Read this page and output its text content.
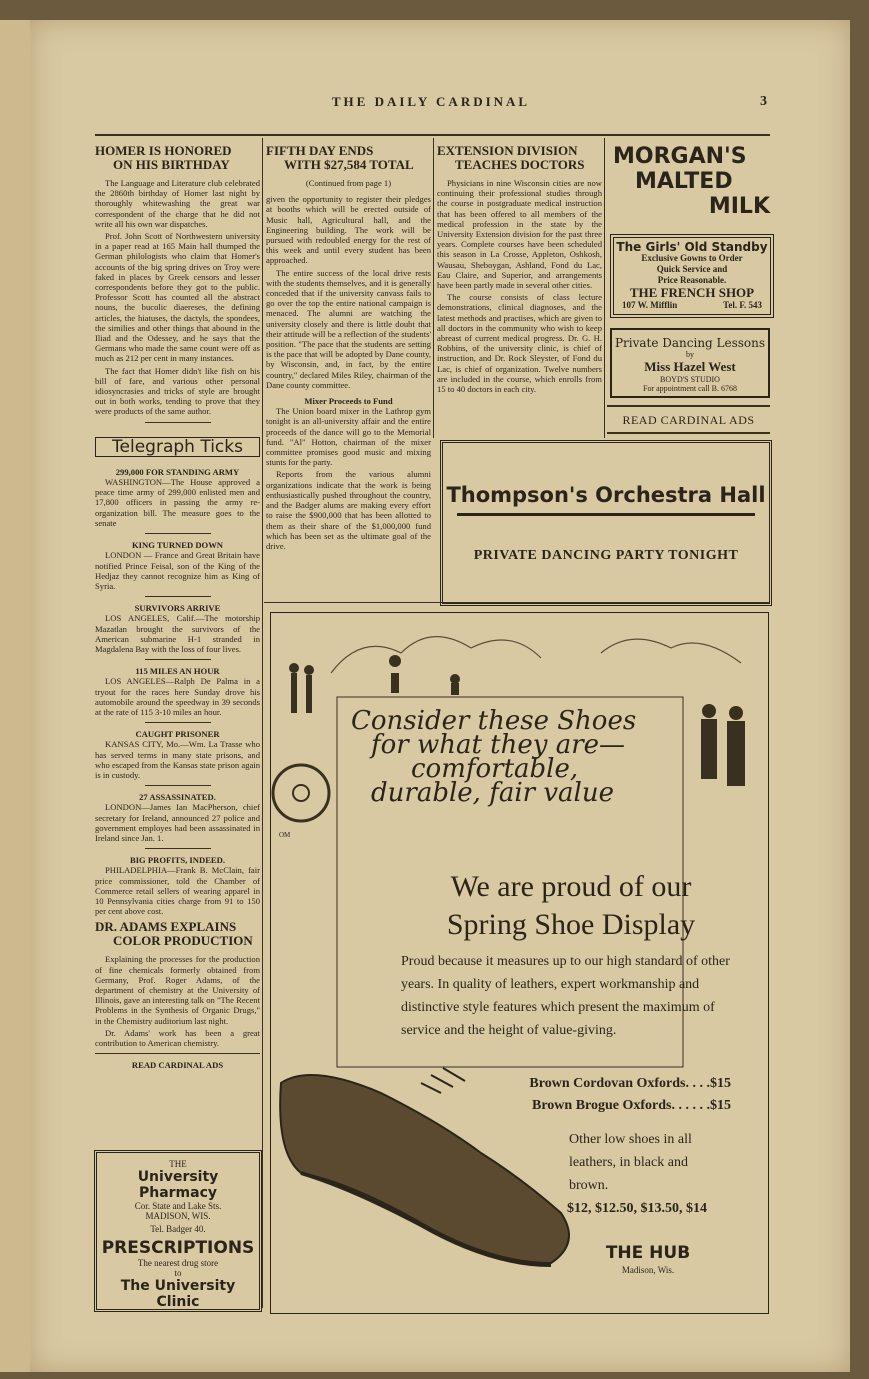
THE DAILY CARDINAL	3
HOMER IS HONORED
ON HIS BIRTHDAY

The Language and Literature club celebrated the 2860th birthday of Homer last night by thoroughly whitewashing the great war correspondent of the charge that he did not write all his own war dispatches.

Prof. John Scott of Northwestern university in a paper read at 165 Main hall thumped the German philologists who claim that Homer's accounts of the big spring drives on Troy were faked in places by Greek censors and lesser correspondents before they got to the public. Professor Scott has counted all the abstract nouns, the bucolic diaereses, the defining articles, the hiatuses, the dactyls, the spondees, the similies and other things that abound in the Iliad and the Odessey, and he says that the Germans who made the same count were off as much as 212 per cent in many instances.

The fact that Homer didn't like fish on his bill of fare, and various other personal idiosyncrasies and tricks of style are brought out in both works, tending to prove that they were products of the same author.

Telegraph Ticks
299,000 FOR STANDING ARMY

WASHINGTON—The House approved a peace time army of 299,000 enlisted men and 17,800 officers in passing the army re-organization bill. The measure goes to the senate

KING TURNED DOWN

LONDON — France and Great Britain have notified Prince Feisal, son of the King of the Hedjaz they cannot recognize him as King of Syria.

SURVIVORS ARRIVE

LOS ANGELES, Calif.—The motorship Mazatlan brought the survivors of the American submarine H-1 stranded in Magdalena Bay with the loss of four lives.

115 MILES AN HOUR

LOS ANGELES—Ralph De Palma in a tryout for the races here Sunday drove his automobile around the speedway in 39 seconds at the rate of 115 3-10 miles an hour.

CAUGHT PRISONER

KANSAS CITY, Mo.—Wm. La Trasse who has served terms in many state prisons, and who escaped from the Kansas state prison again is in custody.

27 ASSASSINATED.

LONDON—James Ian MacPherson, chief secretary for Ireland, announced 27 police and government employes had been assassinated in Ireland since Jan. 1.

BIG PROFITS, INDEED.

PHILADELPHIA—Frank B. McClain, fair price commissioner, told the Chamber of Commerce retail sellers of wearing apparel in 10 Pennsylvania cities charge from 91 to 150 per cent above cost.

DR. ADAMS EXPLAINS
COLOR PRODUCTION

Explaining the processes for the production of fine chemicals formerly obtained from Germany, Prof. Roger Adams, of the department of chemistry at the University of Illinois, gave an interesting talk on "The Recent Problems in the Synthesis of Organic Drugs," in the Chemistry auditorium last night.

Dr. Adams' work has been a great contribution to American chemistry.

READ CARDINAL ADS
FIFTH DAY ENDS
WITH $27,584 TOTAL
(Continued from page 1)

given the opportunity to register their pledges at booths which will be erected outside of Music hall, Agricultural hall, and the Engineering building. The work will be pursued with redoubled energy for the rest of this week and until every student has been approached.

The entire success of the local drive rests with the students themselves, and it is generally conceded that if the university canvass fails to go over the top the entire national campaign is menaced. The alumni are watching the university closely and there is little doubt that their attitude will be a reflection of the students' position. "The pace that the students are setting is the pace that will be adopted by Dane county, by Wisconsin, and, in fact, by the entire country," declared Miles Riley, chairman of the Dane county committee.

Mixer Proceeds to Fund

The Union board mixer in the Lathrop gym tonight is an all-university affair and the entire proceeds of the dance will go to the Memorial fund. "Al" Hotton, chairman of the mixer committee promises good music and mixing stunts for the party.

Reports from the various alumni organizations indicate that the work is being enthusiastically pushed throughout the country, and the Badger alums are making every effort to raise the $900,000 that has been allotted to them as their share of the $1,000,000 fund which has been set as the ultimate goal of the drive.

EXTENSION DIVISION
TEACHES DOCTORS

Physicians in nine Wisconsin cities are now continuing their professional studies through the course in postgraduate medical instruction that has been offered to all members of the medical profession in the state by the University Extension division for the past three years. Complete courses have been scheduled this season in La Crosse, Appleton, Oshkosh, Wausau, Sheboygan, Ashland, Fond du Lac, Eau Claire, and Superior, and arrangements have been partly made in several other cities.

The course consists of class lecture demonstrations, clinical diagnoses, and the latest methods and practises, which are given to all doctors in the community who wish to keep abreast of current medical progress. Dr. G. H. Robbins, of the university clinic, is chief of instruction, and Dr. Rock Sleyster, of Fond du Lac, is chief of organization. Twelve numbers are included in the course, which enrolls from 15 to 40 doctors in each city.

MORGAN'S
MALTED
MILK
The Girls' Old Standby
Exclusive Gowns to Order
Quick Service and
Price Reasonable.
THE FRENCH SHOP
107 W. Mifflin	Tel. F. 543
Private Dancing Lessons
by
Miss Hazel West
BOYD'S STUDIO
For appointment call B. 6768
READ CARDINAL ADS
Thompson's Orchestra Hall
PRIVATE DANCING PARTY TONIGHT
Consider these Shoes
for what they are—
comfortable,
durable, fair value
We are proud of our
Spring Shoe Display
Proud because it measures up to our high standard of other years. In quality of leathers, expert workmanship and distinctive style features which present the maximum of service and the height of value-giving.
Brown Cordovan Oxfords. . . .$15
Brown Brogue Oxfords. . . . . .$15
Other low shoes in all leathers, in black and brown.
$12, $12.50, $13.50, $14
THE HUB
Madison, Wis.
OM
THE
University Pharmacy
Cor. State and Lake Sts.
MADISON, WIS.
Tel. Badger 40.
PRESCRIPTIONS
The nearest drug store
to
The University Clinic
